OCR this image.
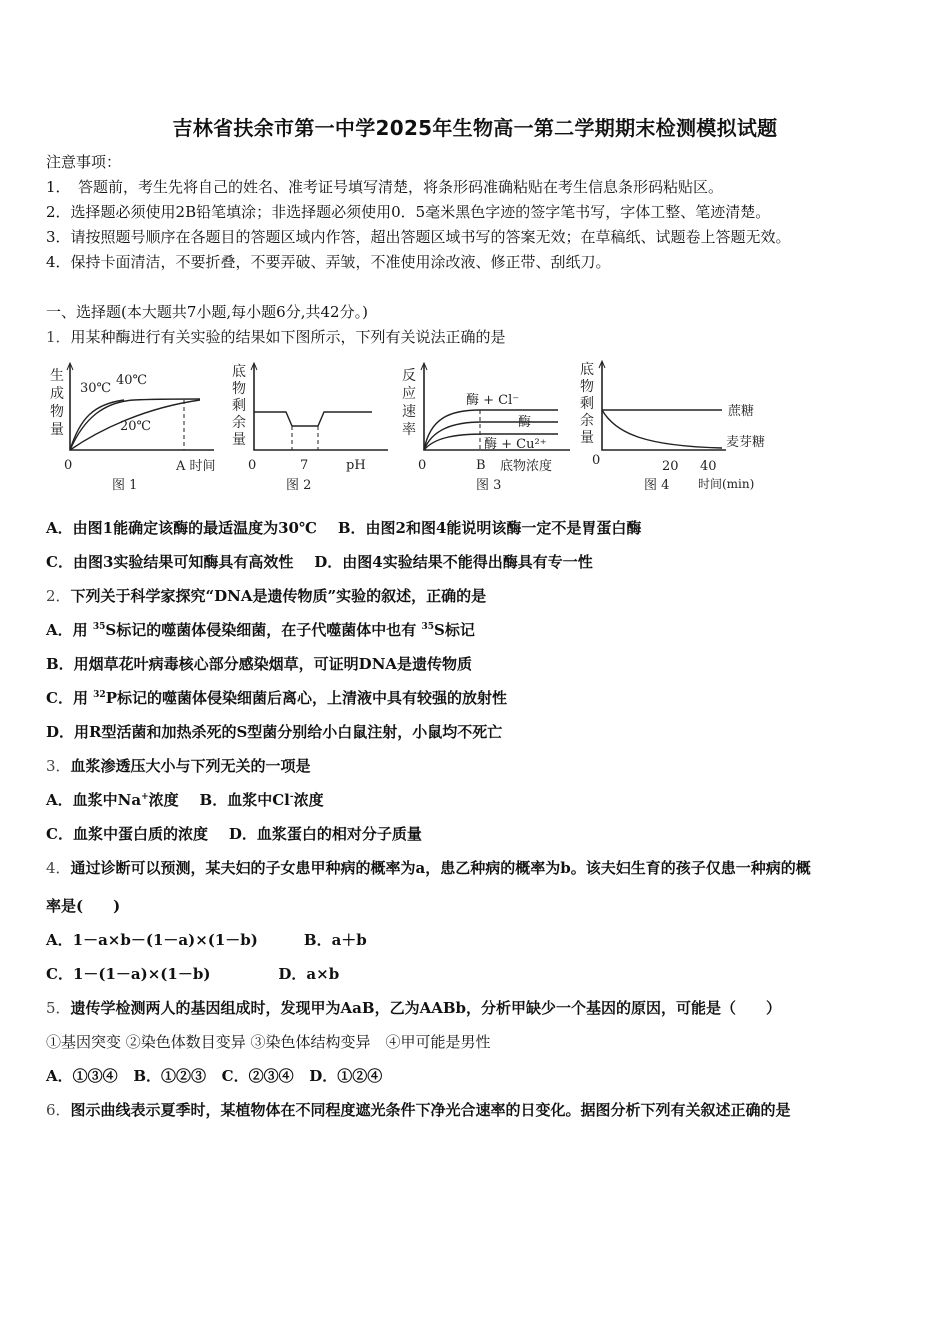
吉林省扶余市第一中学2025年生物高一第二学期期末检测模拟试题
注意事项：
1．　答题前，考生先将自己的姓名、准考证号填写清楚，将条形码准确粘贴在考生信息条形码粘贴区。
2．选择题必须使用2B铅笔填涂；非选择题必须使用0．5毫米黑色字迹的签字笔书写，字体工整、笔迹清楚。
3．请按照题号顺序在各题目的答题区域内作答，超出答题区域书写的答案无效；在草稿纸、试题卷上答题无效。
4．保持卡面清洁，不要折叠，不要弄破、弄皱，不准使用涂改液、修正带、刮纸刀。
一、选择题(本大题共7小题,每小题6分,共42分。)
1．用某种酶进行有关实验的结果如下图所示，下列有关说法正确的是
生
成
物
量
30℃
40℃
20℃
0	A 时间
图 1
底
物
剩
余
量
0	7	pH
图 2
反
应
速
率
酶 + Cl⁻
酶
酶 + Cu²⁺
0	B 底物浓度
图 3
底
物
剩
余
量
蔗糖
麦芽糖
0	20 40
时间(min)
图 4
A．由图1能确定该酶的最适温度为30℃ B．由图2和图4能说明该酶一定不是胃蛋白酶
C．由图3实验结果可知酶具有高效性 D．由图4实验结果不能得出酶具有专一性
2．下列关于科学家探究“DNA是遗传物质”实验的叙述，正确的是
A．用 $^{35}$S标记的噬菌体侵染细菌，在子代噬菌体中也有 $^{35}$S标记
B．用烟草花叶病毒核心部分感染烟草，可证明DNA是遗传物质
C．用 $^{32}$P标记的噬菌体侵染细菌后离心，上清液中具有较强的放射性
D．用R型活菌和加热杀死的S型菌分别给小白鼠注射，小鼠均不死亡
3．血浆渗透压大小与下列无关的一项是
A．血浆中Na+浓度 B．血浆中Cl-浓度
C．血浆中蛋白质的浓度 D．血浆蛋白的相对分子质量
4．通过诊断可以预测，某夫妇的子女患甲种病的概率为a，患乙种病的概率为b。该夫妇生育的孩子仅患一种病的概
率是(　　)
A．1－a×b－(1－a)×(1－b)	B．a＋b
C．1－(1－a)×(1－b)	D．a×b
5．遗传学检测两人的基因组成时，发现甲为AaB，乙为AABb，分析甲缺少一个基因的原因，可能是（　　）
①基因突变 ②染色体数目变异 ③染色体结构变异　④甲可能是男性
A．①③④ B．①②③ C．②③④ D．①②④
6．图示曲线表示夏季时，某植物体在不同程度遮光条件下净光合速率的日变化。据图分析下列有关叙述正确的是
